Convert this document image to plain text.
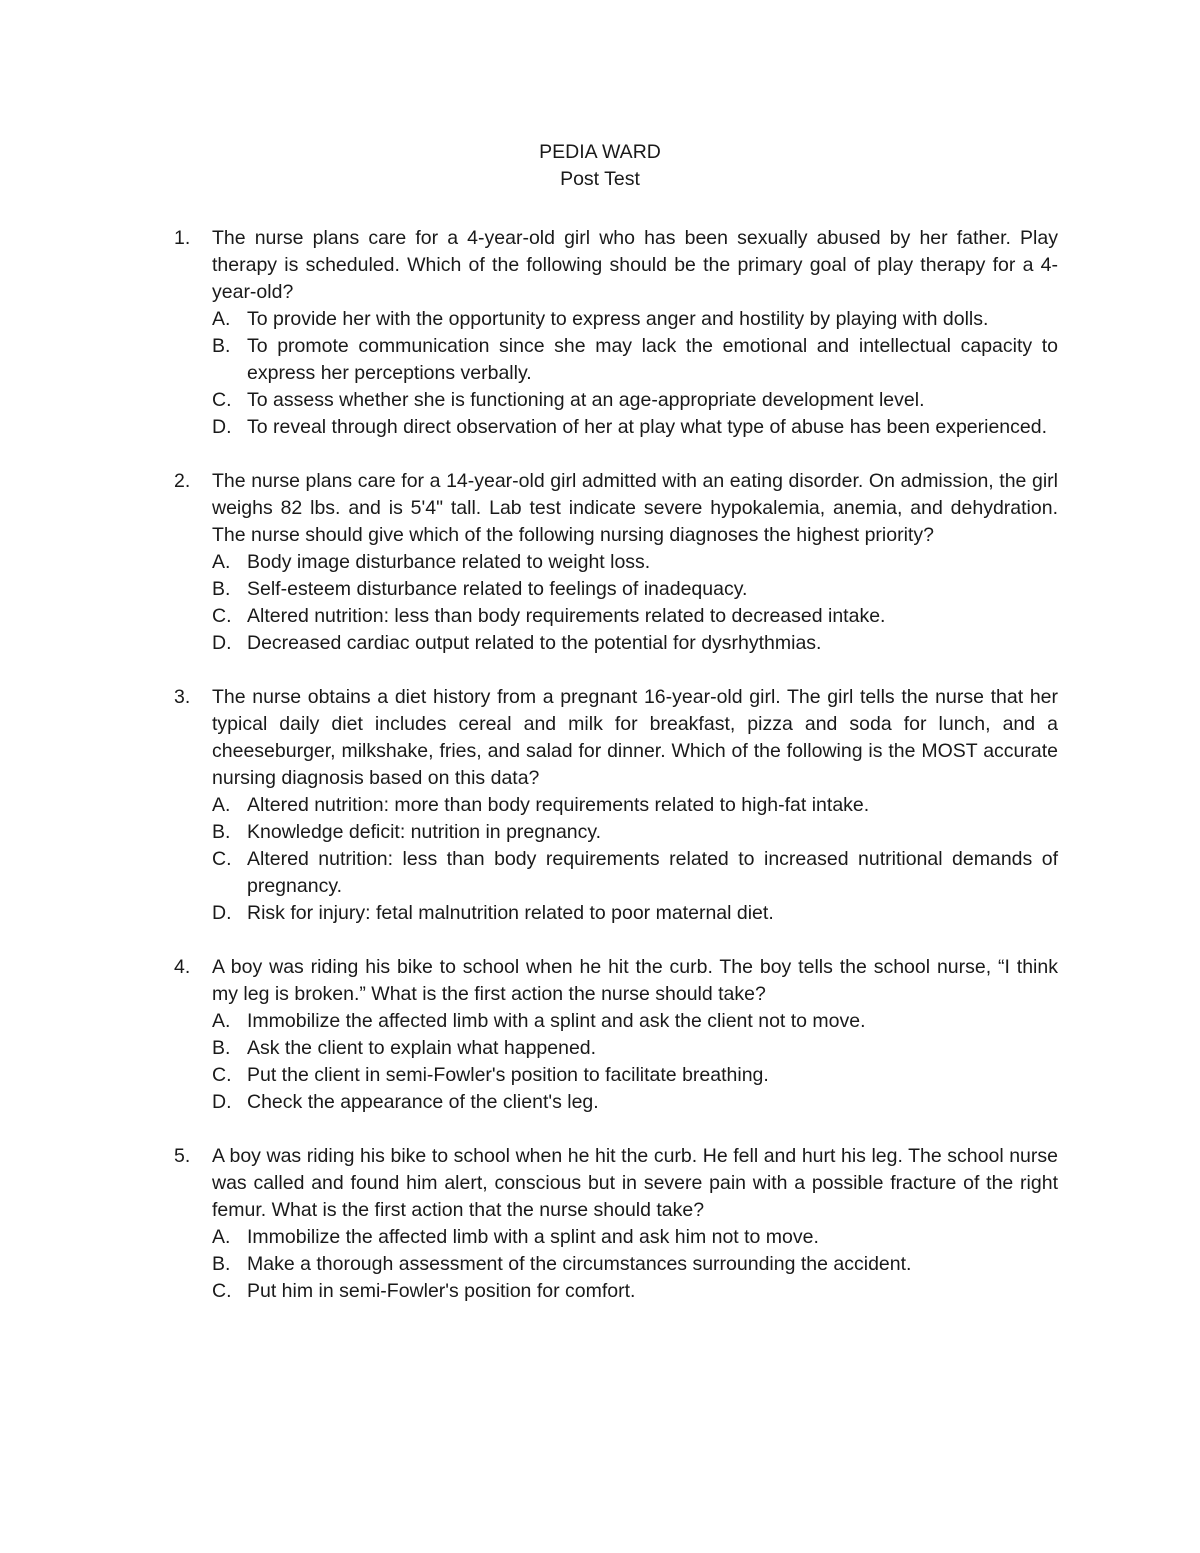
PEDIA WARD
Post Test
1.	The nurse plans care for a 4-year-old girl who has been sexually abused by her father. Play therapy is scheduled. Which of the following should be the primary goal of play therapy for a 4-year-old?
A. To provide her with the opportunity to express anger and hostility by playing with dolls.
B. To promote communication since she may lack the emotional and intellectual capacity to express her perceptions verbally.
C. To assess whether she is functioning at an age-appropriate development level.
D. To reveal through direct observation of her at play what type of abuse has been experienced.
2.	The nurse plans care for a 14-year-old girl admitted with an eating disorder. On admission, the girl weighs 82 lbs. and is 5'4" tall. Lab test indicate severe hypokalemia, anemia, and dehydration. The nurse should give which of the following nursing diagnoses the highest priority?
A. Body image disturbance related to weight loss.
B. Self-esteem disturbance related to feelings of inadequacy.
C. Altered nutrition: less than body requirements related to decreased intake.
D. Decreased cardiac output related to the potential for dysrhythmias.
3.	The nurse obtains a diet history from a pregnant 16-year-old girl. The girl tells the nurse that her typical daily diet includes cereal and milk for breakfast, pizza and soda for lunch, and a cheeseburger, milkshake, fries, and salad for dinner. Which of the following is the MOST accurate nursing diagnosis based on this data?
A. Altered nutrition: more than body requirements related to high-fat intake.
B. Knowledge deficit: nutrition in pregnancy.
C. Altered nutrition: less than body requirements related to increased nutritional demands of pregnancy.
D. Risk for injury: fetal malnutrition related to poor maternal diet.
4.	A boy was riding his bike to school when he hit the curb. The boy tells the school nurse, “I think my leg is broken.” What is the first action the nurse should take?
A. Immobilize the affected limb with a splint and ask the client not to move.
B. Ask the client to explain what happened.
C. Put the client in semi-Fowler's position to facilitate breathing.
D. Check the appearance of the client's leg.
5.	A boy was riding his bike to school when he hit the curb. He fell and hurt his leg. The school nurse was called and found him alert, conscious but in severe pain with a possible fracture of the right femur. What is the first action that the nurse should take?
A. Immobilize the affected limb with a splint and ask him not to move.
B. Make a thorough assessment of the circumstances surrounding the accident.
C. Put him in semi-Fowler's position for comfort.
